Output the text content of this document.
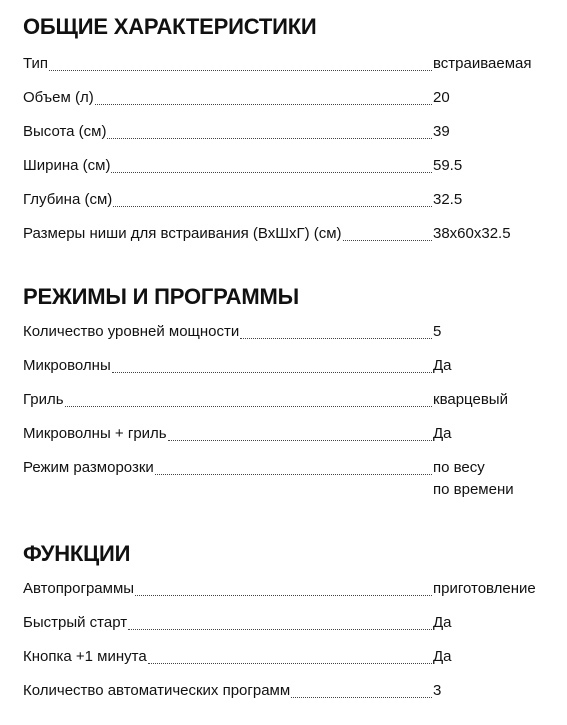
ОБЩИЕ ХАРАКТЕРИСТИКИ
Тип	встраиваемая
Объем (л)	20
Высота (см)	39
Ширина (см)	59.5
Глубина (см)	32.5
Размеры ниши для встраивания (ВхШхГ) (см)	38x60x32.5
РЕЖИМЫ И ПРОГРАММЫ
Количество уровней мощности	5
Микроволны	Да
Гриль	кварцевый
Микроволны + гриль	Да
Режим разморозки	по весу
по времени
ФУНКЦИИ
Автопрограммы	приготовление
Быстрый старт	Да
Кнопка +1 минута	Да
Количество автоматических программ	3
